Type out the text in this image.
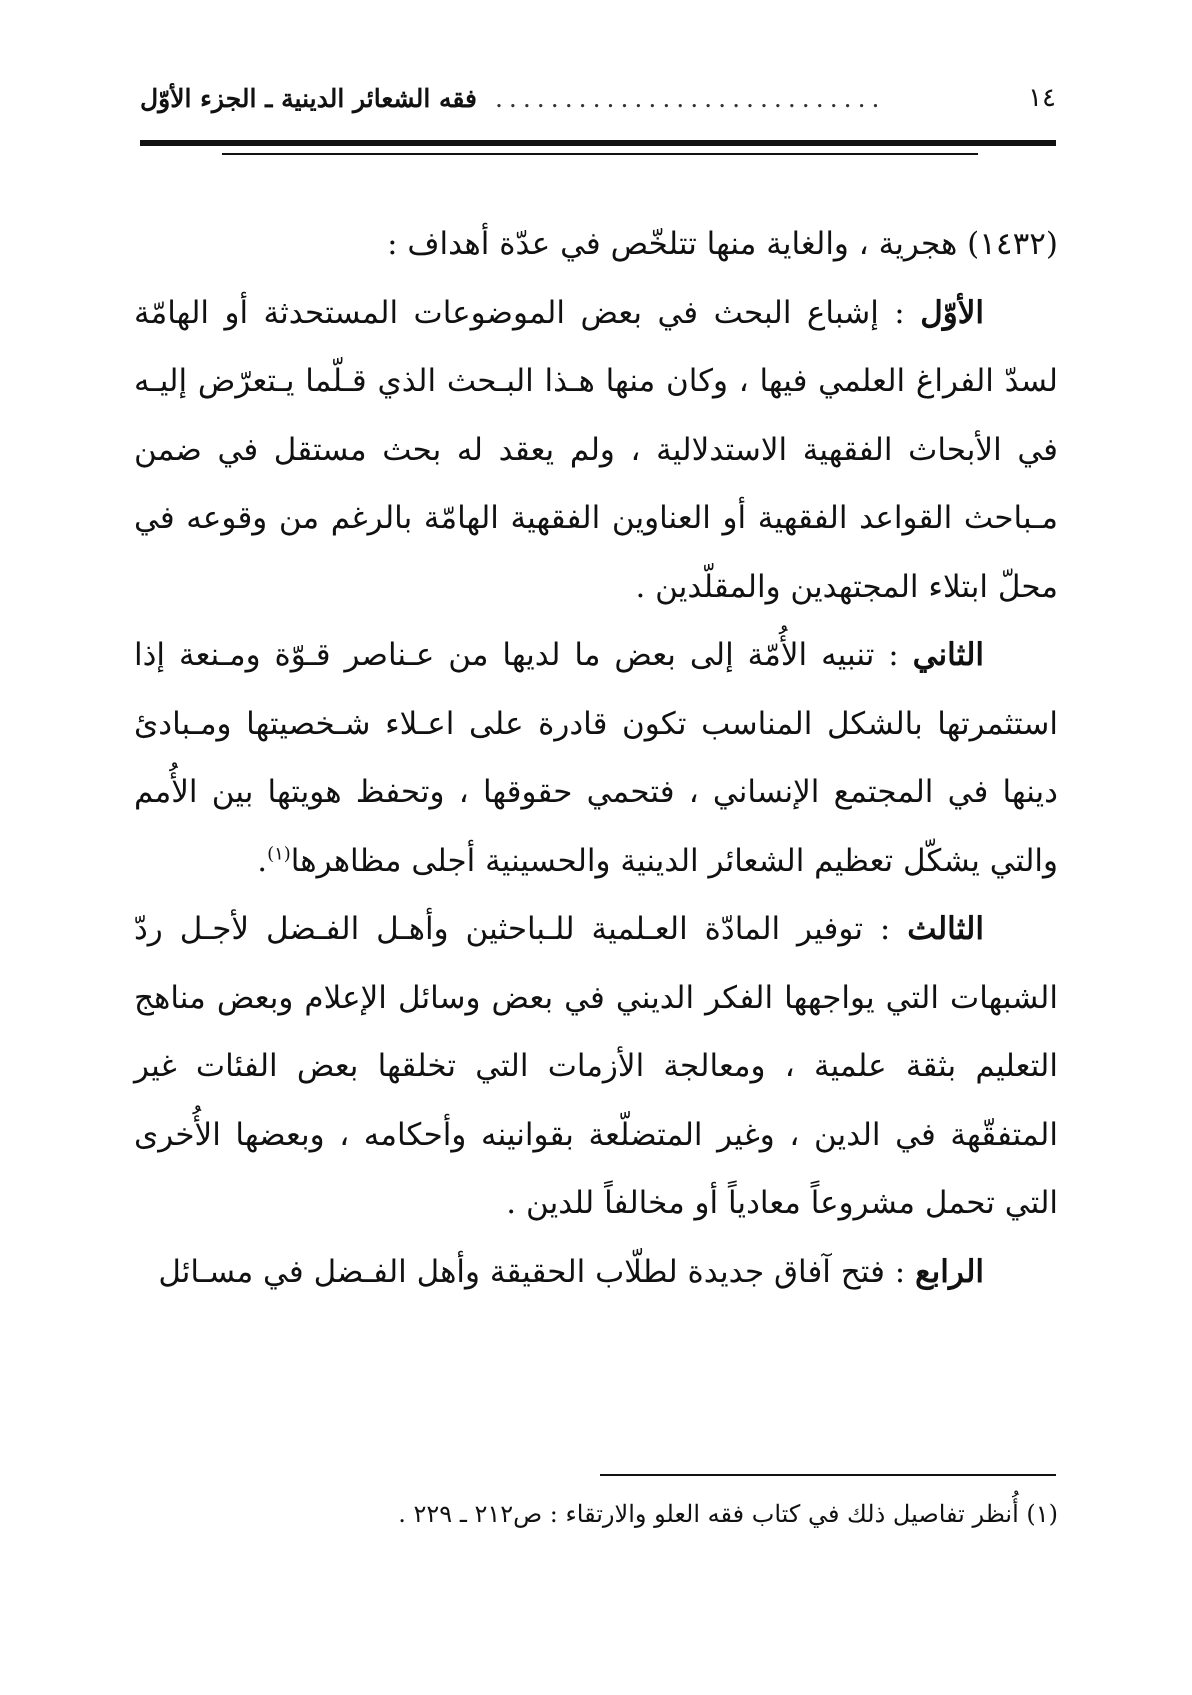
١٤
............................
فقه الشعائر الدينية ـ الجزء الأوّل

(١٤٣٢) هجرية ، والغاية منها تتلخّص في عدّة أهداف :

الأوّل : إشباع البحث في بعض الموضوعات المستحدثة أو الهامّة لسدّ الفراغ العلمي فيها ، وكان منها هـذا البـحث الذي قـلّما يـتعرّض إليـه في الأبحاث الفقهية الاستدلالية ، ولم يعقد له بحث مستقل في ضمن مـباحث القواعد الفقهية أو العناوين الفقهية الهامّة بالرغم من وقوعه في محلّ ابتلاء المجتهدين والمقلّدين .

الثاني : تنبيه الأُمّة إلى بعض ما لديها من عـناصر قـوّة ومـنعة إذا استثمرتها بالشكل المناسب تكون قادرة على اعـلاء شـخصيتها ومـبادئ دينها في المجتمع الإنساني ، فتحمي حقوقها ، وتحفظ هويتها بين الأُمم والتي يشكّل تعظيم الشعائر الدينية والحسينية أجلى مظاهرها$^{(١)}$.

الثالث : توفير المادّة العـلمية للـباحثين وأهـل الفـضل لأجـل ردّ الشبهات التي يواجهها الفكر الديني في بعض وسائل الإعلام وبعض مناهج التعليم بثقة علمية ، ومعالجة الأزمات التي تخلقها بعض الفئات غير المتفقّهة في الدين ، وغير المتضلّعة بقوانينه وأحكامه ، وبعضها الأُخرى التي تحمل مشروعاً معادياً أو مخالفاً للدين .

الرابع : فتح آفاق جديدة لطلّاب الحقيقة وأهل الفـضل في مسـائل

(١) أُنظر تفاصيل ذلك في كتاب فقه العلو والارتقاء : ص٢١٢ ـ ٢٢٩ .
